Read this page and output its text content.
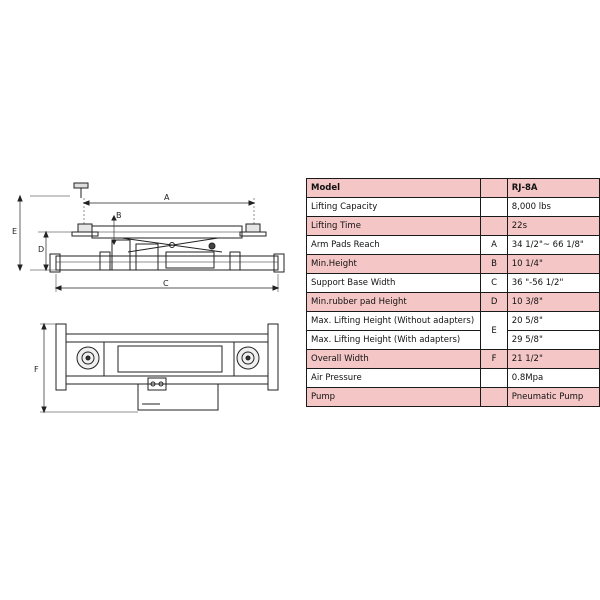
A
B
C
D
E
F
Model		RJ-8A
Lifting Capacity		8,000 lbs
Lifting Time		22s
Arm Pads Reach	A	34 1/2"~ 66 1/8"
Min.Height	B	10 1/4"
Support Base Width	C	36 "-56 1/2"
Min.rubber pad Height	D	10 3/8"
Max. Lifting Height (Without adapters)	E	20 5/8"
Max. Lifting Height (With adapters)		29 5/8"
Overall Width	F	21 1/2"
Air Pressure		0.8Mpa
Pump		Pneumatic Pump
